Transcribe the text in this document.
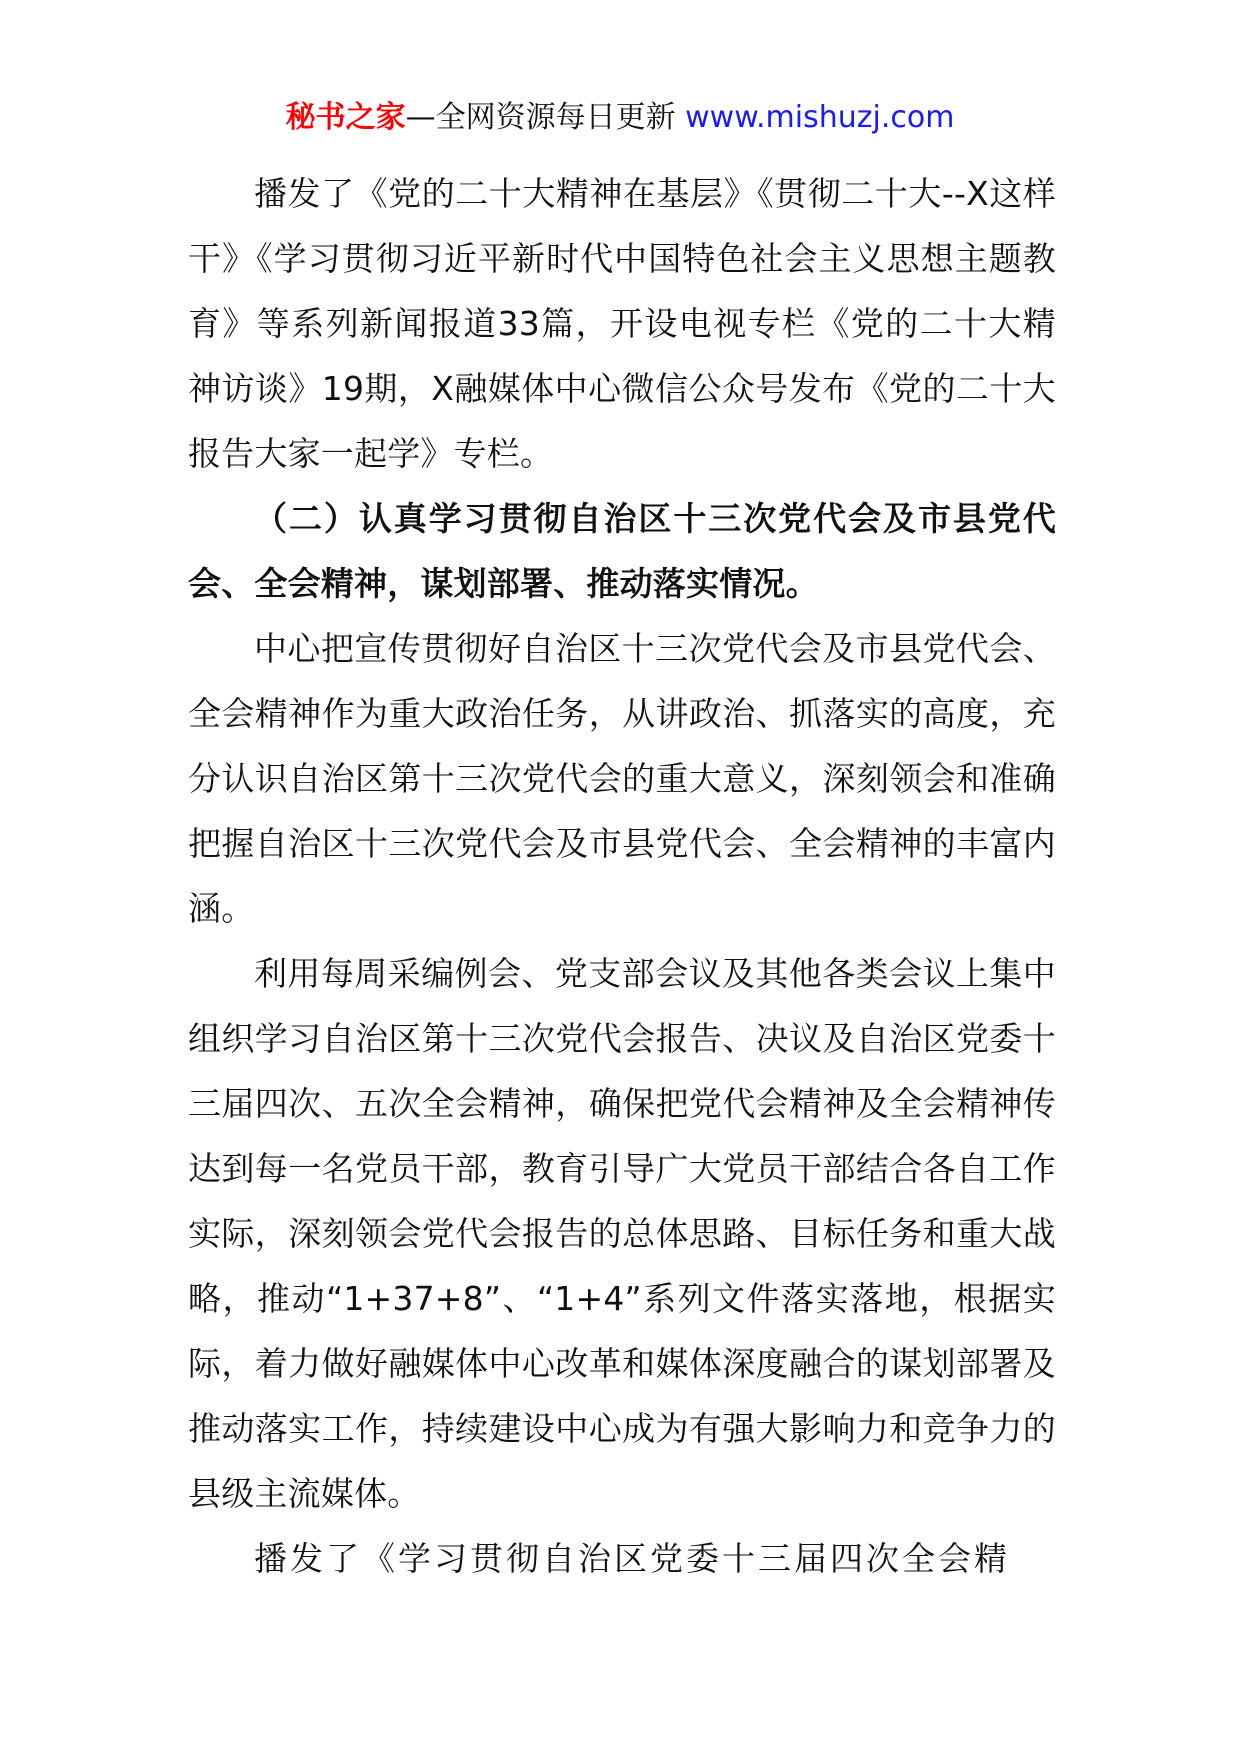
秘书之家—全网资源每日更新 www.mishuzj.com

播发了《党的二十大精神在基层》《贯彻二十大--X这样干》《学习贯彻习近平新时代中国特色社会主义思想主题教育》等系列新闻报道33篇，开设电视专栏《党的二十大精神访谈》19期，X融媒体中心微信公众号发布《党的二十大报告大家一起学》专栏。

（二）认真学习贯彻自治区十三次党代会及市县党代会、全会精神，谋划部署、推动落实情况。

中心把宣传贯彻好自治区十三次党代会及市县党代会、全会精神作为重大政治任务，从讲政治、抓落实的高度，充分认识自治区第十三次党代会的重大意义，深刻领会和准确把握自治区十三次党代会及市县党代会、全会精神的丰富内涵。

利用每周采编例会、党支部会议及其他各类会议上集中组织学习自治区第十三次党代会报告、决议及自治区党委十三届四次、五次全会精神，确保把党代会精神及全会精神传达到每一名党员干部，教育引导广大党员干部结合各自工作实际，深刻领会党代会报告的总体思路、目标任务和重大战略，推动“1+37+8”、“1+4”系列文件落实落地，根据实际，着力做好融媒体中心改革和媒体深度融合的谋划部署及推动落实工作，持续建设中心成为有强大影响力和竞争力的县级主流媒体。

播发了《学习贯彻自治区党委十三届四次全会精
